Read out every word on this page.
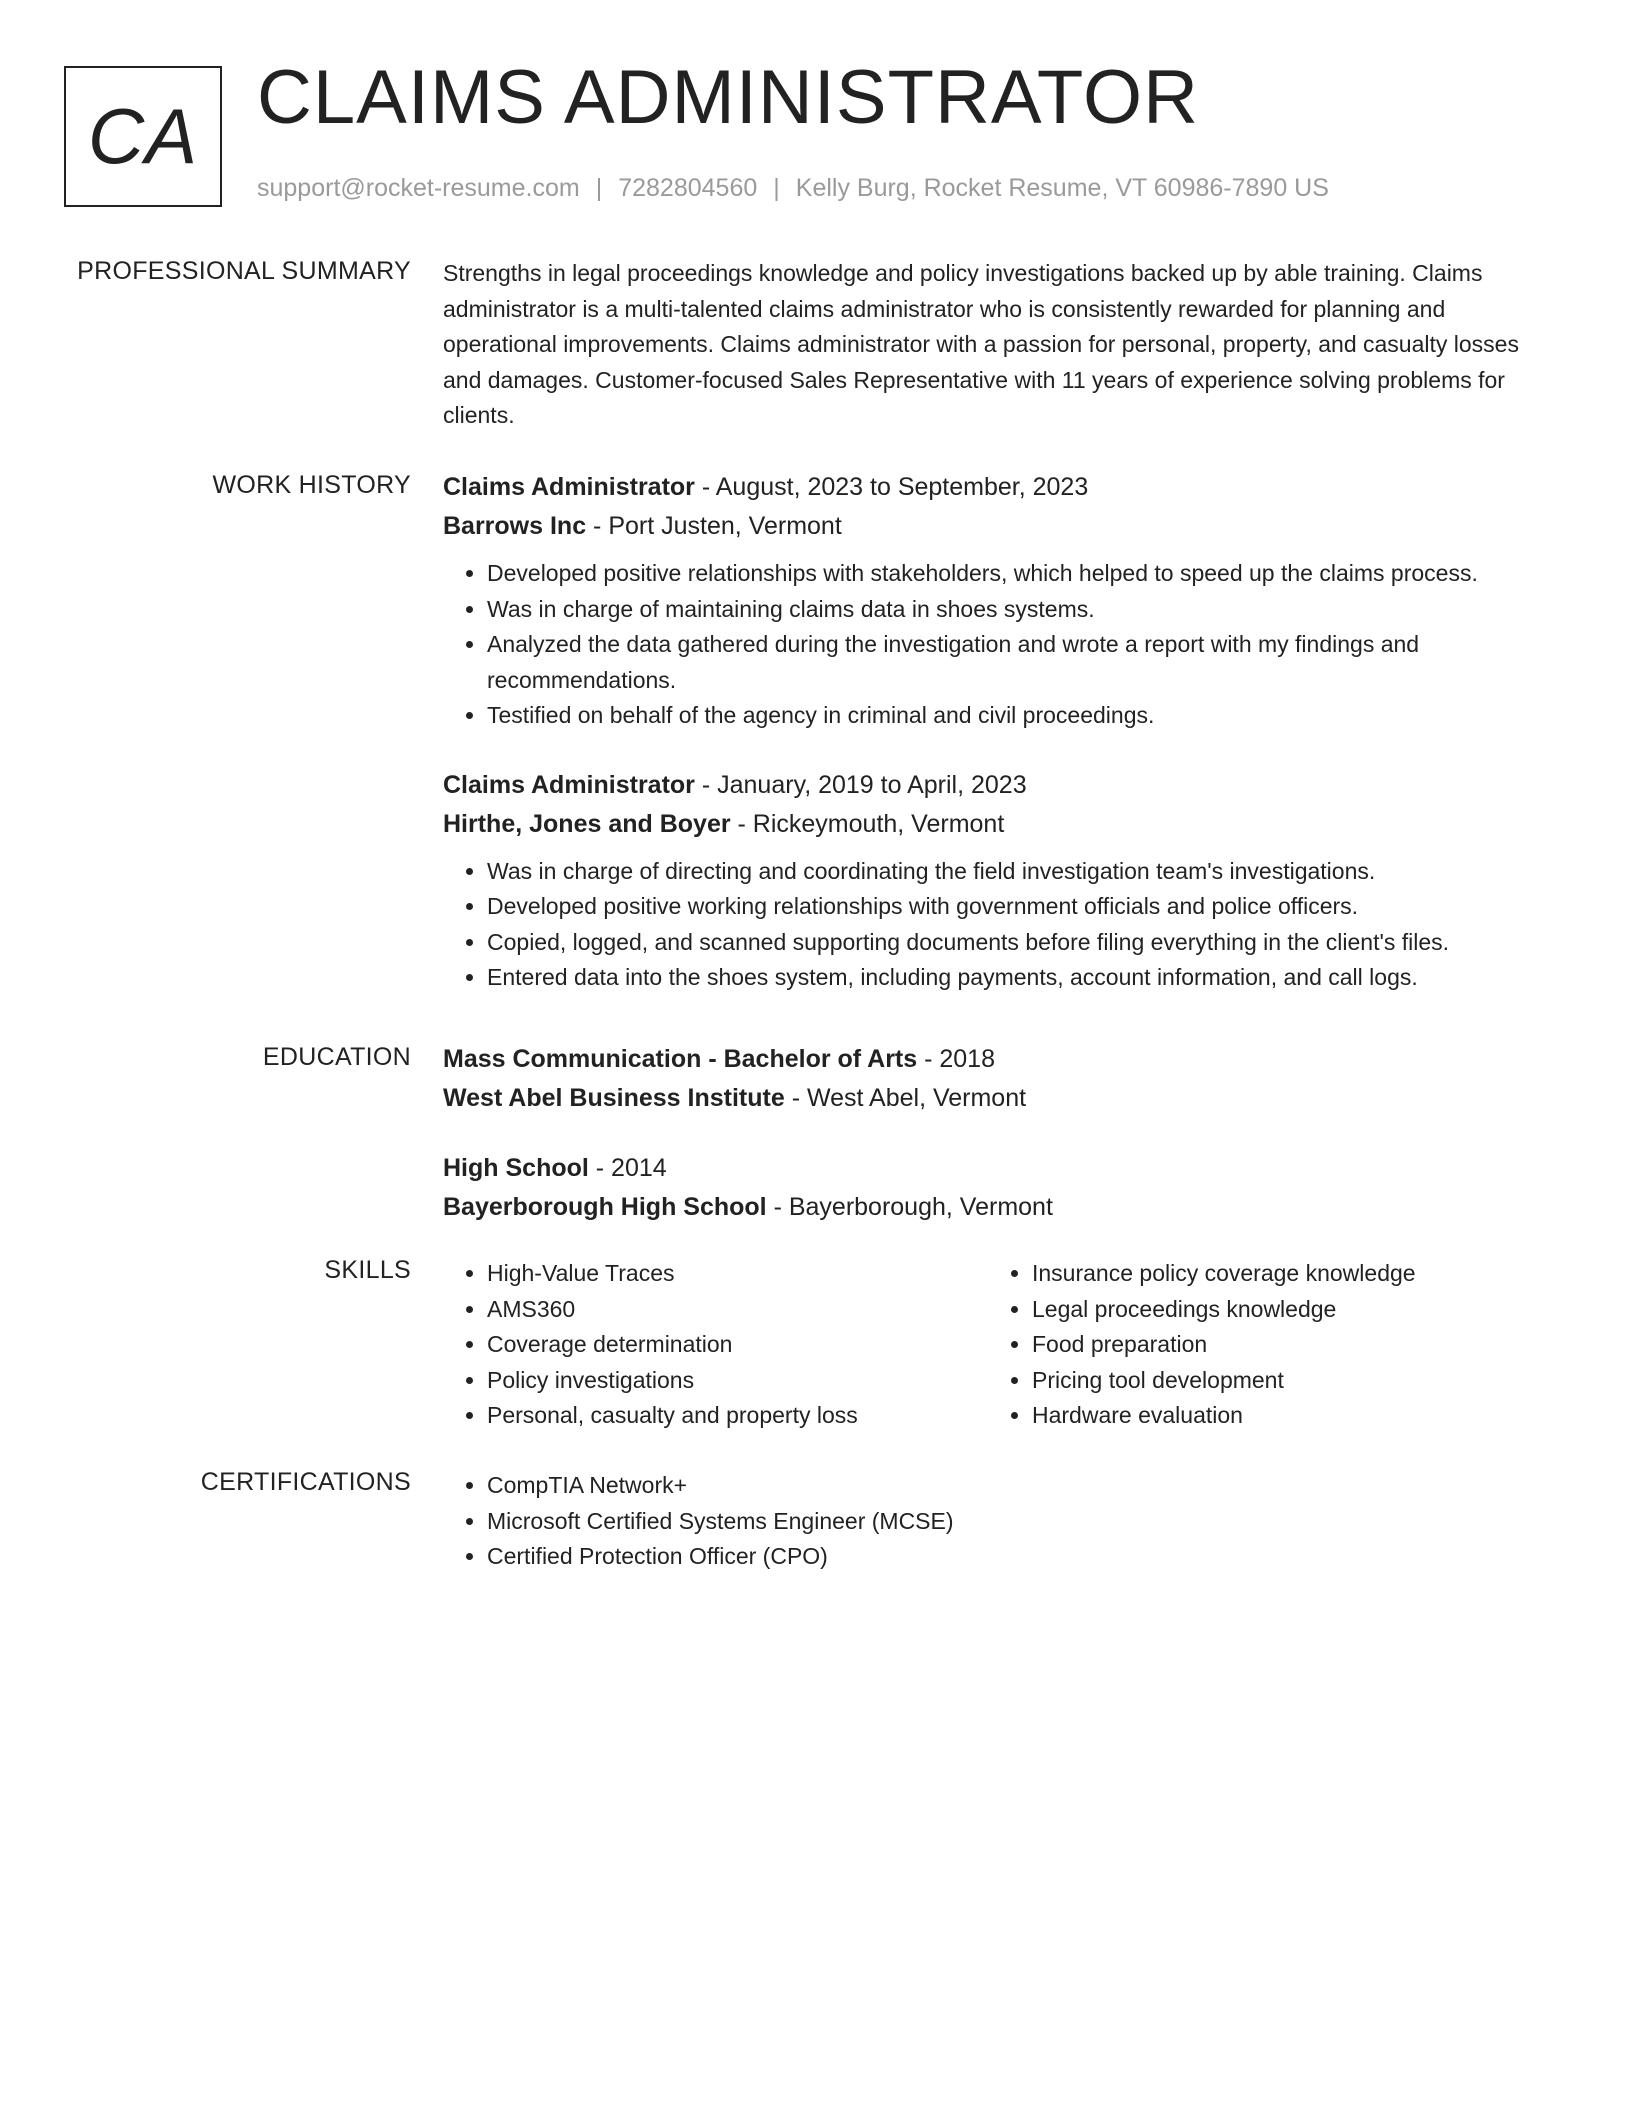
CA CLAIMS ADMINISTRATOR
support@rocket-resume.com | 7282804560 | Kelly Burg, Rocket Resume, VT 60986-7890 US
PROFESSIONAL SUMMARY Strengths in legal proceedings knowledge and policy investigations backed up by able training. Claims administrator is a multi-talented claims administrator who is consistently rewarded for planning and operational improvements. Claims administrator with a passion for personal, property, and casualty losses and damages. Customer-focused Sales Representative with 11 years of experience solving problems for clients.

WORK HISTORY Claims Administrator - August, 2023 to September, 2023
Barrows Inc - Port Justen, Vermont
• Developed positive relationships with stakeholders, which helped to speed up the claims process.
• Was in charge of maintaining claims data in shoes systems.
• Analyzed the data gathered during the investigation and wrote a report with my findings and recommendations.
• Testified on behalf of the agency in criminal and civil proceedings.
Claims Administrator - January, 2019 to April, 2023
Hirthe, Jones and Boyer - Rickeymouth, Vermont
• Was in charge of directing and coordinating the field investigation team's investigations.
• Developed positive working relationships with government officials and police officers.
• Copied, logged, and scanned supporting documents before filing everything in the client's files.
• Entered data into the shoes system, including payments, account information, and call logs.
EDUCATION Mass Communication - Bachelor of Arts - 2018
West Abel Business Institute - West Abel, Vermont
High School - 2014
Bayerborough High School - Bayerborough, Vermont
SKILLS	• High-Value Traces
• AMS360
• Coverage determination
• Policy investigations
• Personal, casualty and property loss
• Insurance policy coverage knowledge
• Legal proceedings knowledge
• Food preparation
• Pricing tool development
• Hardware evaluation
CERTIFICATIONS	• CompTIA Network+
• Microsoft Certified Systems Engineer (MCSE)
• Certified Protection Officer (CPO)
